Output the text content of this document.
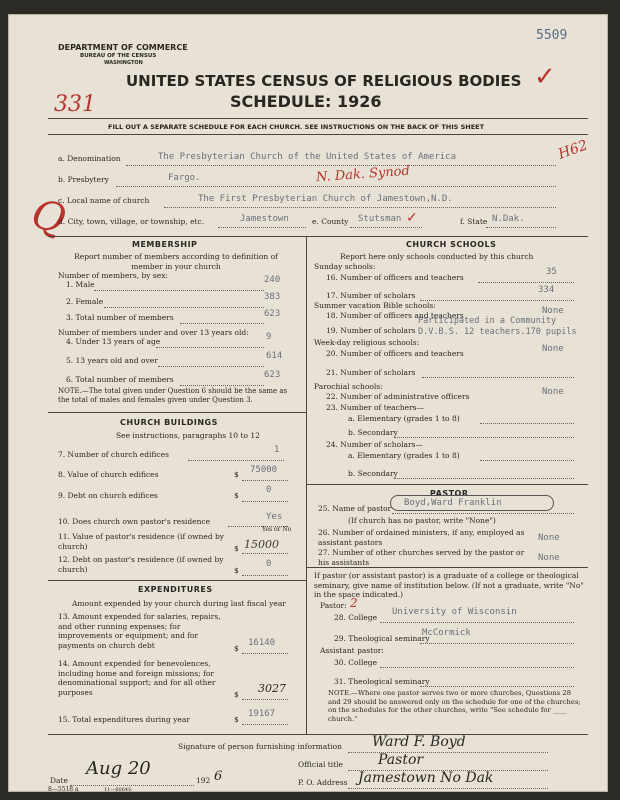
DEPARTMENT OF COMMERCE
BUREAU OF THE CENSUS
WASHINGTON
5509
UNITED STATES CENSUS OF RELIGIOUS BODIES
SCHEDULE: 1926
331
✓
FILL OUT A SEPARATE SCHEDULE FOR EACH CHURCH. SEE INSTRUCTIONS ON THE BACK OF THIS SHEET
a. Denomination	The Presbyterian Church of the United States of America	H62
b. Presbytery	Fargo.	N. Dak. Synod
c. Local name of church	The First Presbyterian Church of Jamestown,N.D.
Q
d. City, town, village, or township, etc.	Jamestown	e. County Stutsman ✓	f. State N.Dak.
MEMBERSHIP
Report number of members according to definition of member in your church
Number of members, by sex:
1. Male	240
2. Female	383
3. Total number of members	623
Number of members under and over 13 years old:
4. Under 13 years of age	9
5. 13 years old and over	614
6. Total number of members	623
NOTE.—The total given under Question 6 should be the same as the total of males and females given under Question 3.
CHURCH BUILDINGS
See instructions, paragraphs 10 to 12
7. Number of church edifices	1
8. Value of church edifices	$ 75000
9. Debt on church edifices	$
0
10. Does church own pastor's residence	Yes
Yes or No
11. Value of pastor's residence (if owned by church)	$ 15000
12. Debt on pastor's residence (if owned by church)	$
0
EXPENDITURES
Amount expended by your church during last fiscal year
13. Amount expended for salaries, repairs, and other running expenses; for improvements or equipment; and for payments on church debt	$
16140
14. Amount expended for benevolences, including home and foreign missions; for denominational support; and for all other purposes	$ 3027
15. Total expenditures during year	$
19167
CHURCH SCHOOLS
Report here only schools conducted by this church
Sunday schools:
16. Number of officers and teachers
35
17. Number of scholars
334
Summer vacation Bible schools:
18. Number of officers and teachers	None
19. Number of scholars
Participated in a Community D.V.B.S. 12 teachers.170 pupils
Week-day religious schools:
20. Number of officers and teachers	None
21. Number of scholars
Parochial schools:
22. Number of administrative officers	None
23. Number of teachers—
a. Elementary (grades 1 to 8)
b. Secondary
24. Number of scholars—
a. Elementary (grades 1 to 8)
b. Secondary
PASTOR
25. Name of pastor
Boyd,Ward Franklin
(If church has no pastor, write "None")
26. Number of ordained ministers, if any, employed as assistant pastors	None
27. Number of other churches served by the pastor or his assistants	None
If pastor (or assistant pastor) is a graduate of a college or theological seminary, give name of institution below. (If not a graduate, write "No" in the space indicated.)
Pastor: 2
28. College
University of Wisconsin
29. Theological seminary
McCormick
Assistant pastor:
30. College
31. Theological seminary
NOTE.—Where one pastor serves two or more churches, Questions 28 and 29 should be answered only on the schedule for one of the churches; on the schedules for the other churches, write "See schedule for ____ church."
Signature of person furnishing information Ward F. Boyd
Official title	Pastor
P. O. Address Jamestown No Dak
Date
Aug 20
192 6
8—5518 a	11—6064S
